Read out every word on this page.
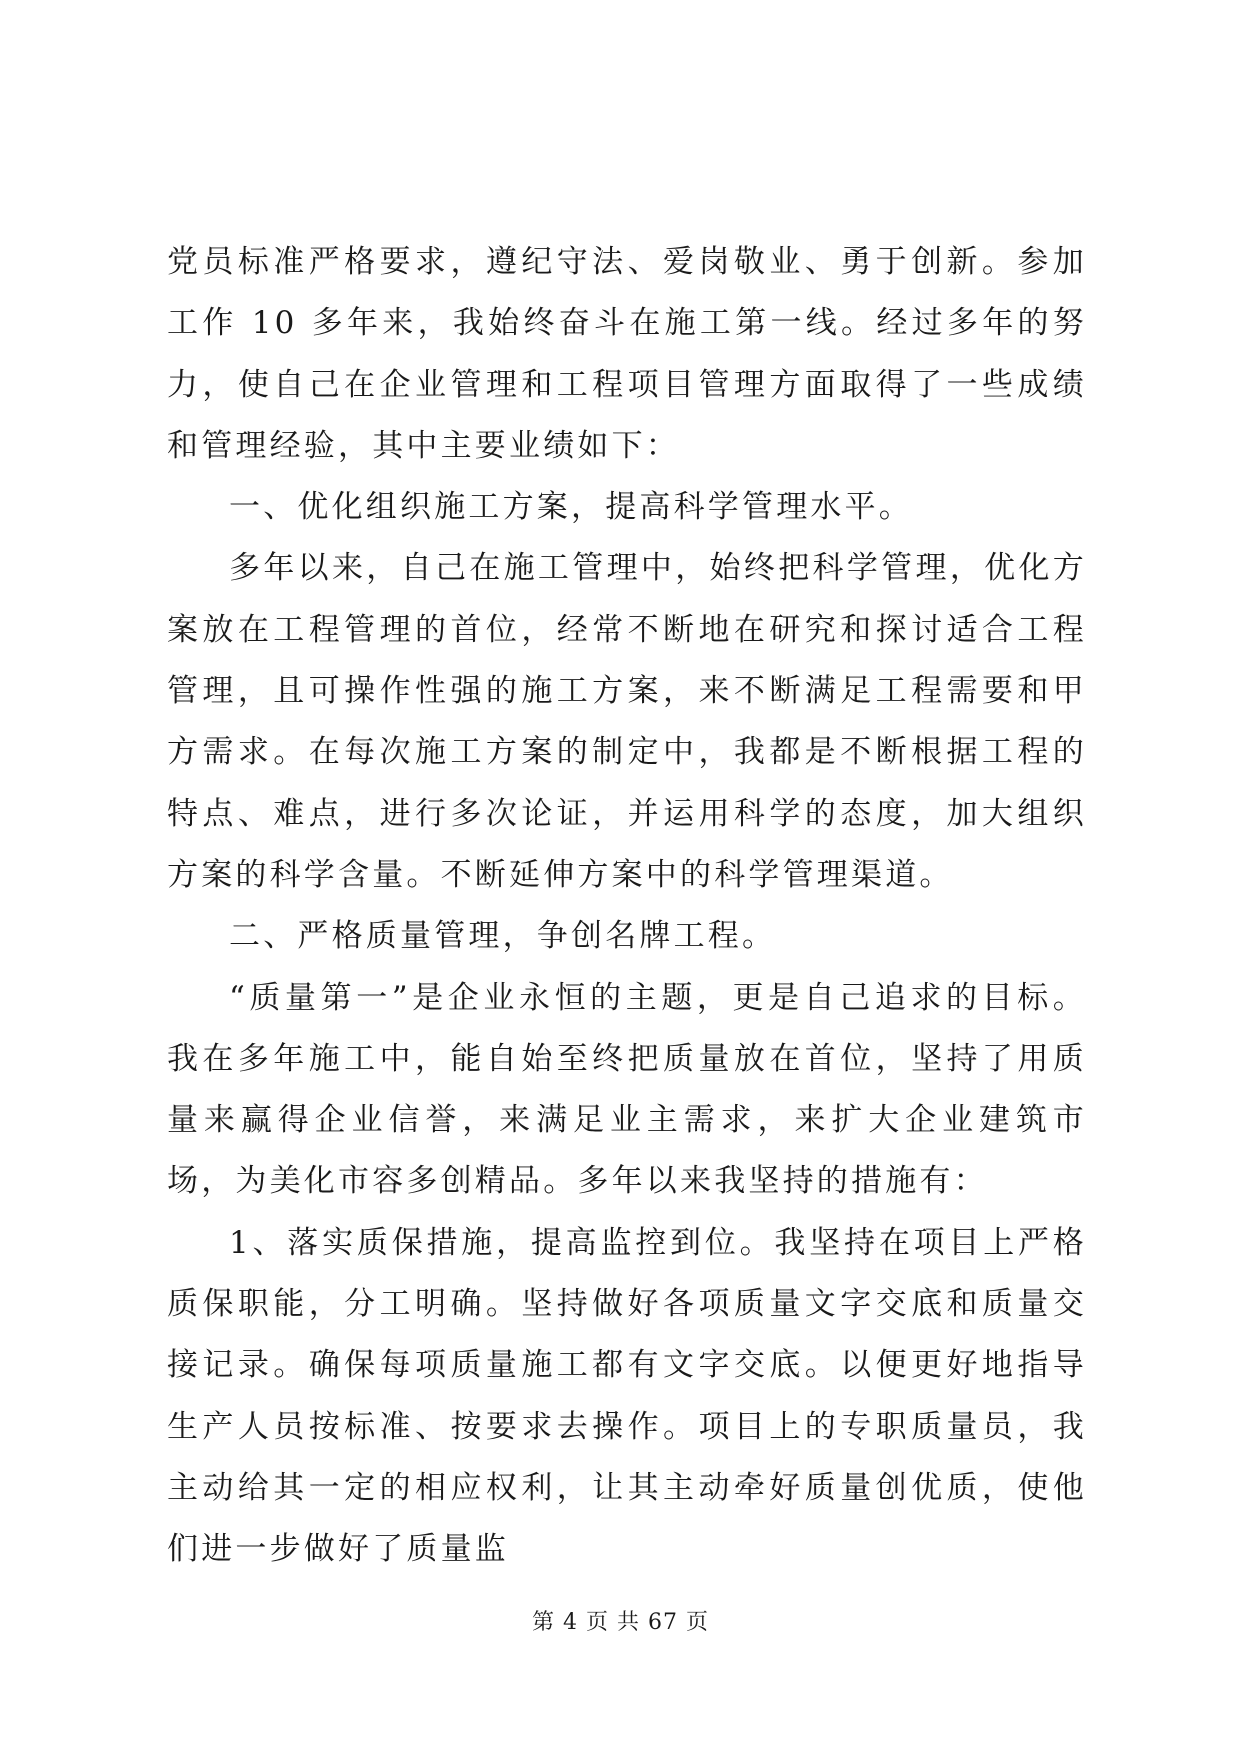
党员标准严格要求，遵纪守法、爱岗敬业、勇于创新。参加工作 10 多年来，我始终奋斗在施工第一线。经过多年的努力，使自己在企业管理和工程项目管理方面取得了一些成绩和管理经验，其中主要业绩如下：

一、优化组织施工方案，提高科学管理水平。

多年以来，自己在施工管理中，始终把科学管理，优化方案放在工程管理的首位，经常不断地在研究和探讨适合工程管理，且可操作性强的施工方案，来不断满足工程需要和甲方需求。在每次施工方案的制定中，我都是不断根据工程的特点、难点，进行多次论证，并运用科学的态度，加大组织方案的科学含量。不断延伸方案中的科学管理渠道。

二、严格质量管理，争创名牌工程。

“质量第一”是企业永恒的主题，更是自己追求的目标。我在多年施工中，能自始至终把质量放在首位，坚持了用质量来赢得企业信誉，来满足业主需求，来扩大企业建筑市场，为美化市容多创精品。多年以来我坚持的措施有：

1、落实质保措施，提高监控到位。我坚持在项目上严格质保职能，分工明确。坚持做好各项质量文字交底和质量交接记录。确保每项质量施工都有文字交底。以便更好地指导生产人员按标准、按要求去操作。项目上的专职质量员，我主动给其一定的相应权利，让其主动牵好质量创优质，使他们进一步做好了质量监

第 4 页 共 67 页
